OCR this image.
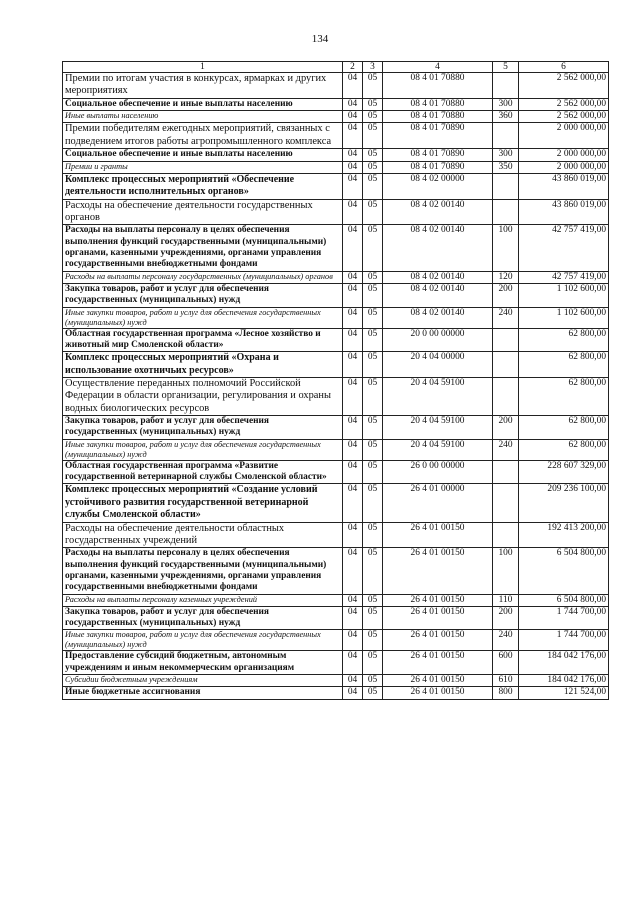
134
1	2	3	4	5	6
Премии по итогам участия в конкурсах, ярмарках и других мероприятиях	04	05	08 4 01 70880		2 562 000,00
Социальное обеспечение и иные выплаты населению	04	05	08 4 01 70880	300	2 562 000,00
Иные выплаты населению	04	05	08 4 01 70880	360	2 562 000,00
Премии победителям ежегодных мероприятий, связанных с подведением итогов работы агропромышленного комплекса	04	05	08 4 01 70890		2 000 000,00
Социальное обеспечение и иные выплаты населению	04	05	08 4 01 70890	300	2 000 000,00
Премии и гранты	04	05	08 4 01 70890	350	2 000 000,00
Комплекс процессных мероприятий «Обеспечение деятельности исполнительных органов»	04	05	08 4 02 00000		43 860 019,00
Расходы на обеспечение деятельности государственных органов	04	05	08 4 02 00140		43 860 019,00
Расходы на выплаты персоналу в целях обеспечения выполнения функций государственными (муниципальными) органами, казенными учреждениями, органами управления государственными внебюджетными фондами	04	05	08 4 02 00140	100	42 757 419,00
Расходы на выплаты персоналу государственных (муниципальных) органов	04	05	08 4 02 00140	120	42 757 419,00
Закупка товаров, работ и услуг для обеспечения государственных (муниципальных) нужд	04	05	08 4 02 00140	200	1 102 600,00
Иные закупки товаров, работ и услуг для обеспечения государственных (муниципальных) нужд	04	05	08 4 02 00140	240	1 102 600,00
Областная государственная программа «Лесное хозяйство и животный мир Смоленской области»	04	05	20 0 00 00000		62 800,00
Комплекс процессных мероприятий «Охрана и использование охотничьих ресурсов»	04	05	20 4 04 00000		62 800,00
Осуществление переданных полномочий Российской Федерации в области организации, регулирования и охраны водных биологических ресурсов	04	05	20 4 04 59100		62 800,00
Закупка товаров, работ и услуг для обеспечения государственных (муниципальных) нужд	04	05	20 4 04 59100	200	62 800,00
Иные закупки товаров, работ и услуг для обеспечения государственных (муниципальных) нужд	04	05	20 4 04 59100	240	62 800,00
Областная государственная программа «Развитие государственной ветеринарной службы Смоленской области»	04	05	26 0 00 00000		228 607 329,00
Комплекс процессных мероприятий «Создание условий устойчивого развития государственной ветеринарной службы Смоленской области»	04	05	26 4 01 00000		209 236 100,00
Расходы на обеспечение деятельности областных государственных учреждений	04	05	26 4 01 00150		192 413 200,00
Расходы на выплаты персоналу в целях обеспечения выполнения функций государственными (муниципальными) органами, казенными учреждениями, органами управления государственными внебюджетными фондами	04	05	26 4 01 00150	100	6 504 800,00
Расходы на выплаты персоналу казенных учреждений	04	05	26 4 01 00150	110	6 504 800,00
Закупка товаров, работ и услуг для обеспечения государственных (муниципальных) нужд	04	05	26 4 01 00150	200	1 744 700,00
Иные закупки товаров, работ и услуг для обеспечения государственных (муниципальных) нужд	04	05	26 4 01 00150	240	1 744 700,00
Предоставление субсидий бюджетным, автономным учреждениям и иным некоммерческим организациям	04	05	26 4 01 00150	600	184 042 176,00
Субсидии бюджетным учреждениям	04	05	26 4 01 00150	610	184 042 176,00
Иные бюджетные ассигнования	04	05	26 4 01 00150	800	121 524,00
